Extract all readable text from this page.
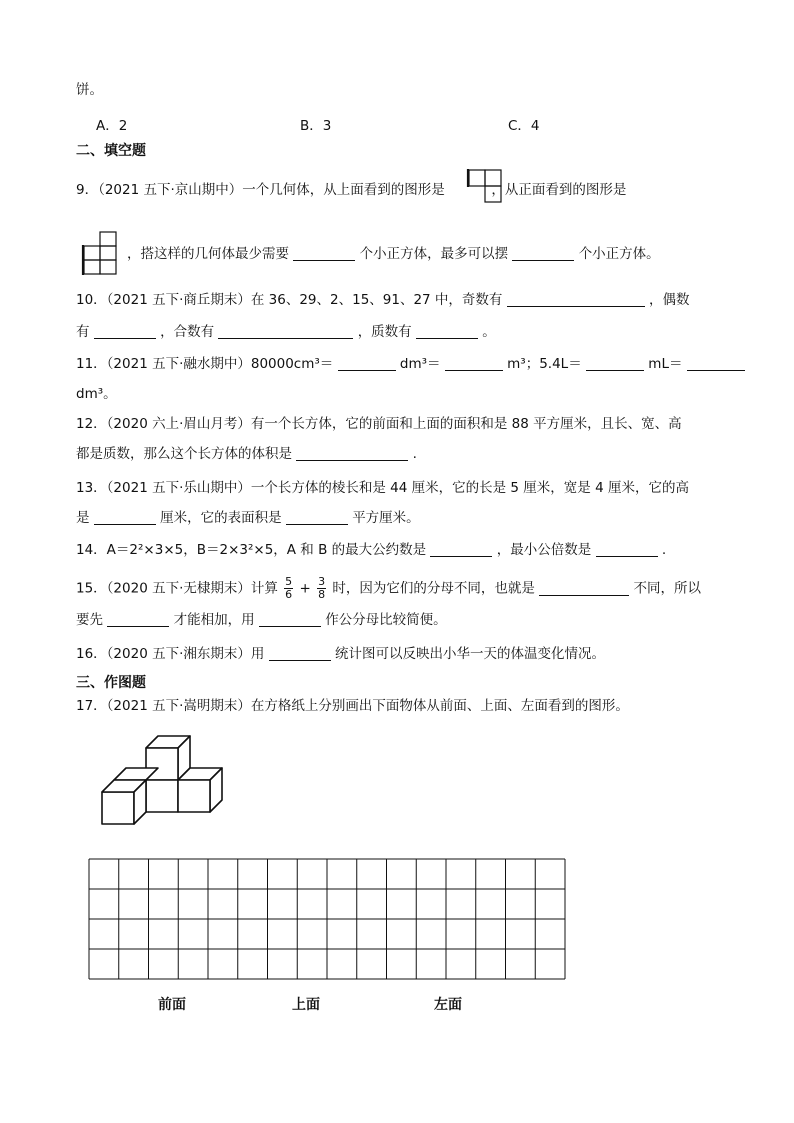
饼。
A．2	B．3	C．4
二、填空题
9．（2021 五下·京山期中）一个几何体，从上面看到的图形是	，从正面看到的图形是
，搭这样的几何体最少需要	个小正方体，最多可以摆	个小正方体。
10．（2021 五下·商丘期末）在 36、29、2、15、91、27 中，奇数有	，偶数
有	，合数有	，质数有	。
11．（2021 五下·融水期中）80000cm³＝	dm³＝	m³；5.4L＝	mL＝
dm³。
12．（2020 六上·眉山月考）有一个长方体，它的前面和上面的面积和是 88 平方厘米，且长、宽、高
都是质数，那么这个长方体的体积是	.
13．（2021 五下·乐山期中）一个长方体的棱长和是 44 厘米，它的长是 5 厘米，宽是 4 厘米，它的高
是	厘米，它的表面积是	平方厘米。
14．A＝2²×3×5，B＝2×3²×5，A 和 B 的最大公约数是	，最小公倍数是	.
15．（2020 五下·无棣期末）计算 $\frac{5}{6} + \frac{3}{8}$ 时，因为它们的分母不同，也就是	不同，所以
要先	才能相加，用	作公分母比较简便。
16．（2020 五下·湘东期末）用	统计图可以反映出小华一天的体温变化情况。
三、作图题
17．（2021 五下·嵩明期末）在方格纸上分别画出下面物体从前面、上面、左面看到的图形。
前面	上面	左面
